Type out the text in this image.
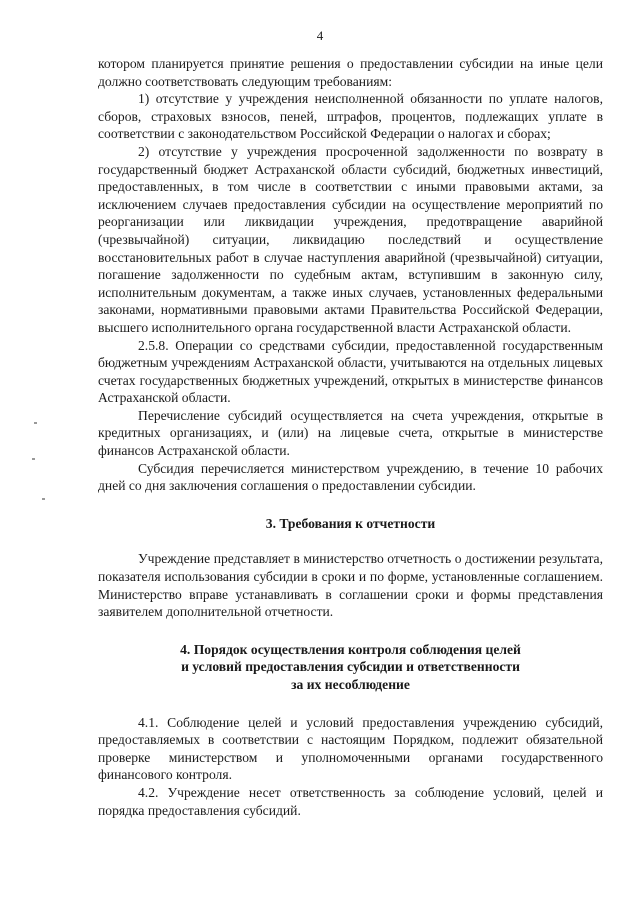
4

котором планируется принятие решения о предоставлении субсидии на иные цели должно соответствовать следующим требованиям:

1) отсутствие у учреждения неисполненной обязанности по уплате налогов, сборов, страховых взносов, пеней, штрафов, процентов, подлежащих уплате в соответствии с законодательством Российской Федерации о налогах и сборах;

2) отсутствие у учреждения просроченной задолженности по возврату в государственный бюджет Астраханской области субсидий, бюджетных инвестиций, предоставленных, в том числе в соответствии с иными правовыми актами, за исключением случаев предоставления субсидии на осуществление мероприятий по реорганизации или ликвидации учреждения, предотвращение аварийной (чрезвычайной) ситуации, ликвидацию последствий и осуществление восстановительных работ в случае наступления аварийной (чрезвычайной) ситуации, погашение задолженности по судебным актам, вступившим в законную силу, исполнительным документам, а также иных случаев, установленных федеральными законами, нормативными правовыми актами Правительства Российской Федерации, высшего исполнительного органа государственной власти Астраханской области.

2.5.8. Операции со средствами субсидии, предоставленной государственным бюджетным учреждениям Астраханской области, учитываются на отдельных лицевых счетах государственных бюджетных учреждений, открытых в министерстве финансов Астраханской области.

Перечисление субсидий осуществляется на счета учреждения, открытые в кредитных организациях, и (или) на лицевые счета, открытые в министерстве финансов Астраханской области.

Субсидия перечисляется министерством учреждению, в течение 10 рабочих дней со дня заключения соглашения о предоставлении субсидии.

3. Требования к отчетности

Учреждение представляет в министерство отчетность о достижении результата, показателя использования субсидии в сроки и по форме, установленные соглашением. Министерство вправе устанавливать в соглашении сроки и формы представления заявителем дополнительной отчетности.

4. Порядок осуществления контроля соблюдения целей
и условий предоставления субсидии и ответственности
за их несоблюдение

4.1. Соблюдение целей и условий предоставления учреждению субсидий, предоставляемых в соответствии с настоящим Порядком, подлежит обязательной проверке министерством и уполномоченными органами государственного финансового контроля.

4.2. Учреждение несет ответственность за соблюдение условий, целей и порядка предоставления субсидий.
